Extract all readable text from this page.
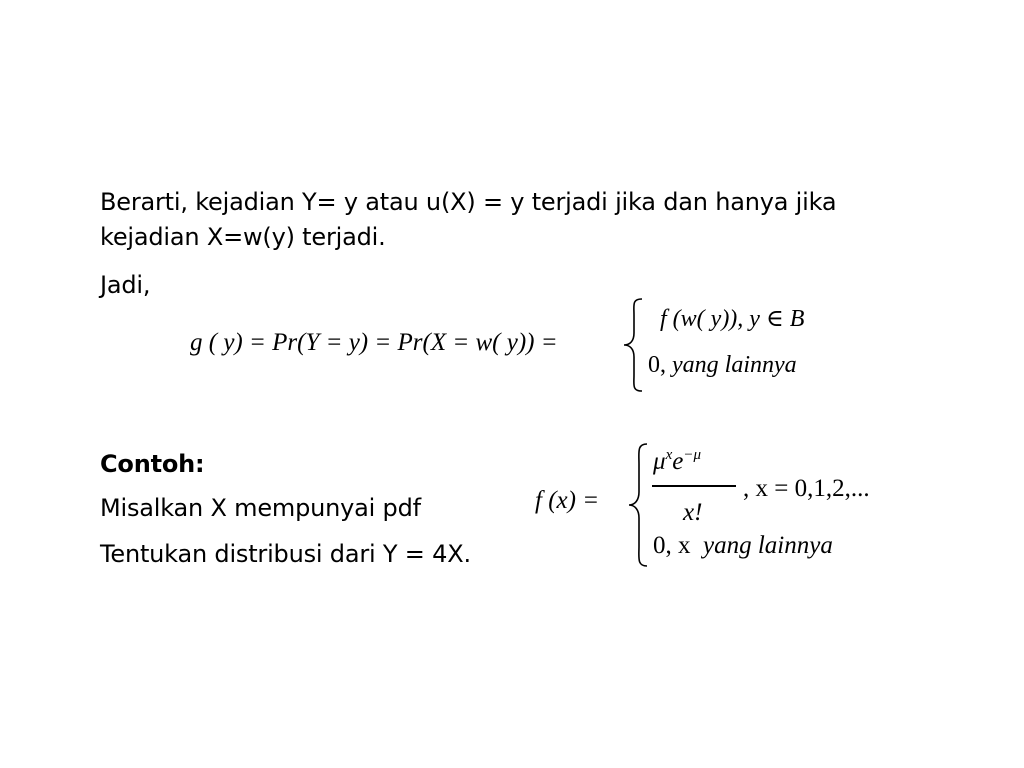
Berarti, kejadian Y= y atau u(X) = y terjadi jika dan hanya jika kejadian X=w(y) terjadi.
Jadi,
g ( y) = Pr(Y = y) = Pr(X = w( y)) =
f (w( y)), y ∈ B
0, yang lainnya
Contoh:
Misalkan X mempunyai pdf
Tentukan distribusi dari Y = 4X.
f (x) =
$\mu^xe^{-\mu}$
x!
, x = 0,1,2,...
0, x yang lainnya
